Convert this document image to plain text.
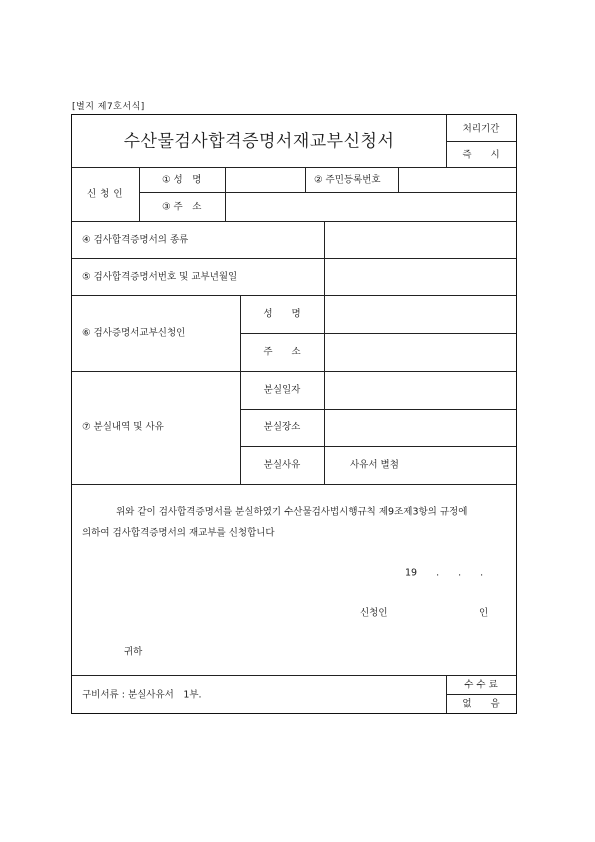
[별지 제7호서식]
수산물검사합격증명서재교부신청서
처리기간
즉　　시
신 청 인
① 성　명	② 주민등록번호
③ 주　소
④ 검사합격증명서의 종류
⑤ 검사합격증명서번호 및 교부년월일
⑥ 검사증명서교부신청인
성　　명
주　　소
⑦ 분실내역 및 사유
분실일자
분실장소
분실사유	사유서 별첨
위와 같이 검사합격증명서를 분실하였기 수산물검사법시행규칙 제9조제3항의 규정에
의하여 검사합격증명서의 재교부를 신청합니다
19　　.　　.　　.
신청인	인
귀하
구비서류 : 분실사유서　1부.
수 수 료
없　　음
